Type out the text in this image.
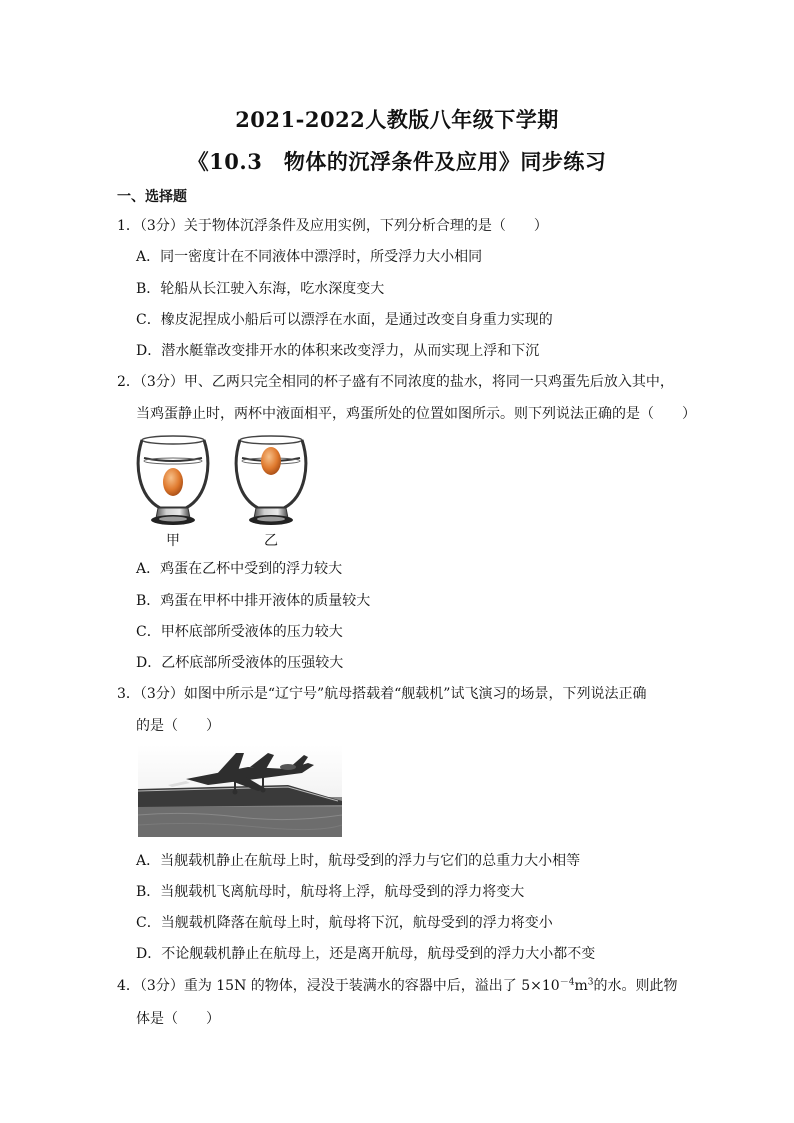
2021-2022人教版八年级下学期
《10.3　物体的沉浮条件及应用》同步练习
一、选择题
1．（3分）关于物体沉浮条件及应用实例，下列分析合理的是（　　）
A．同一密度计在不同液体中漂浮时，所受浮力大小相同
B．轮船从长江驶入东海，吃水深度变大
C．橡皮泥捏成小船后可以漂浮在水面，是通过改变自身重力实现的
D．潜水艇靠改变排开水的体积来改变浮力，从而实现上浮和下沉
2．（3分）甲、乙两只完全相同的杯子盛有不同浓度的盐水，将同一只鸡蛋先后放入其中，
当鸡蛋静止时，两杯中液面相平，鸡蛋所处的位置如图所示。则下列说法正确的是（　　）
甲	乙
A．鸡蛋在乙杯中受到的浮力较大
B．鸡蛋在甲杯中排开液体的质量较大
C．甲杯底部所受液体的压力较大
D．乙杯底部所受液体的压强较大
3．（3分）如图中所示是“辽宁号”航母搭载着“舰载机”试飞演习的场景，下列说法正确
的是（　　）
A．当舰载机静止在航母上时，航母受到的浮力与它们的总重力大小相等
B．当舰载机飞离航母时，航母将上浮，航母受到的浮力将变大
C．当舰载机降落在航母上时，航母将下沉，航母受到的浮力将变小
D．不论舰载机静止在航母上，还是离开航母，航母受到的浮力大小都不变
4．（3分）重为 15N 的物体，浸没于装满水的容器中后，溢出了 $5\times 10^{-4}m^3$的水。则此物
体是（　　）
